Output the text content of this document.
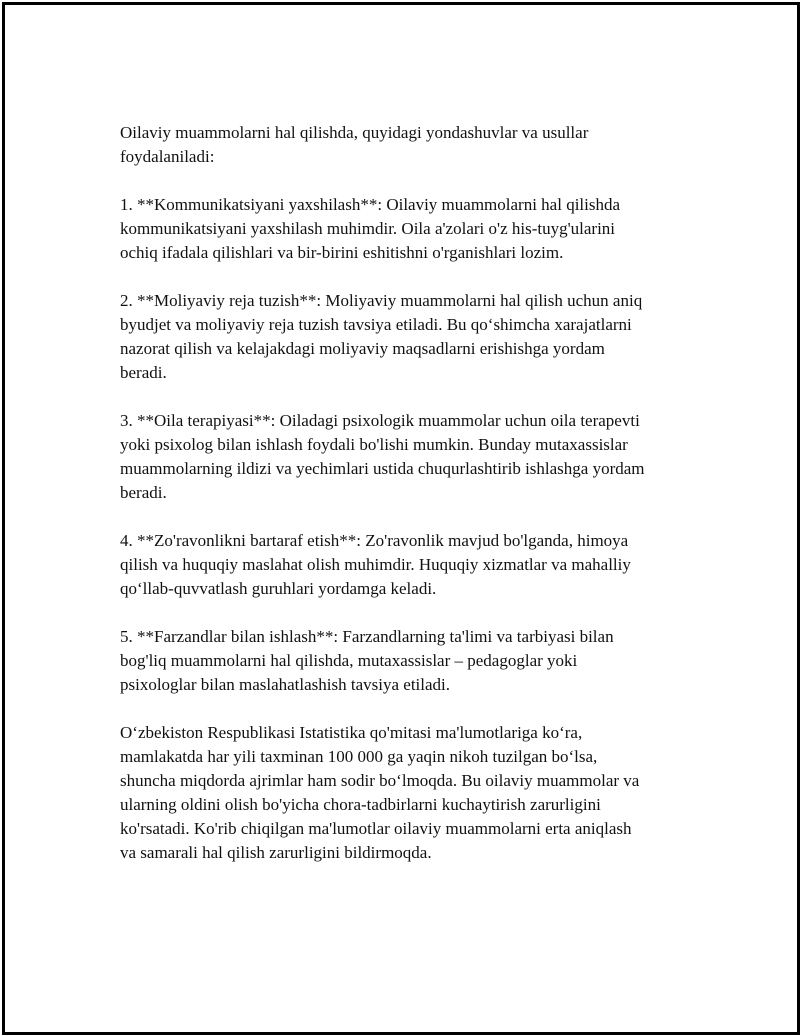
Oilaviy muammolarni hal qilishda, quyidagi yondashuvlar va usullar
foydalaniladi:

1. **Kommunikatsiyani yaxshilash**: Oilaviy muammolarni hal qilishda
kommunikatsiyani yaxshilash muhimdir. Oila a'zolari o'z his-tuyg'ularini
ochiq ifadala qilishlari va bir-birini eshitishni o'rganishlari lozim.

2. **Moliyaviy reja tuzish**: Moliyaviy muammolarni hal qilish uchun aniq
byudjet va moliyaviy reja tuzish tavsiya etiladi. Bu qo‘shimcha xarajatlarni
nazorat qilish va kelajakdagi moliyaviy maqsadlarni erishishga yordam
beradi.

3. **Oila terapiyasi**: Oiladagi psixologik muammolar uchun oila terapevti
yoki psixolog bilan ishlash foydali bo'lishi mumkin. Bunday mutaxassislar
muammolarning ildizi va yechimlari ustida chuqurlashtirib ishlashga yordam
beradi.

4. **Zo'ravonlikni bartaraf etish**: Zo'ravonlik mavjud bo'lganda, himoya
qilish va huquqiy maslahat olish muhimdir. Huquqiy xizmatlar va mahalliy
qo‘llab-quvvatlash guruhlari yordamga keladi.

5. **Farzandlar bilan ishlash**: Farzandlarning ta'limi va tarbiyasi bilan
bog'liq muammolarni hal qilishda, mutaxassislar – pedagoglar yoki
psixologlar bilan maslahatlashish tavsiya etiladi.

O‘zbekiston Respublikasi Istatistika qo'mitasi ma'lumotlariga ko‘ra,
mamlakatda har yili taxminan 100 000 ga yaqin nikoh tuzilgan bo‘lsa,
shuncha miqdorda ajrimlar ham sodir bo‘lmoqda. Bu oilaviy muammolar va
ularning oldini olish bo'yicha chora-tadbirlarni kuchaytirish zarurligini
ko'rsatadi. Ko'rib chiqilgan ma'lumotlar oilaviy muammolarni erta aniqlash
va samarali hal qilish zarurligini bildirmoqda.
